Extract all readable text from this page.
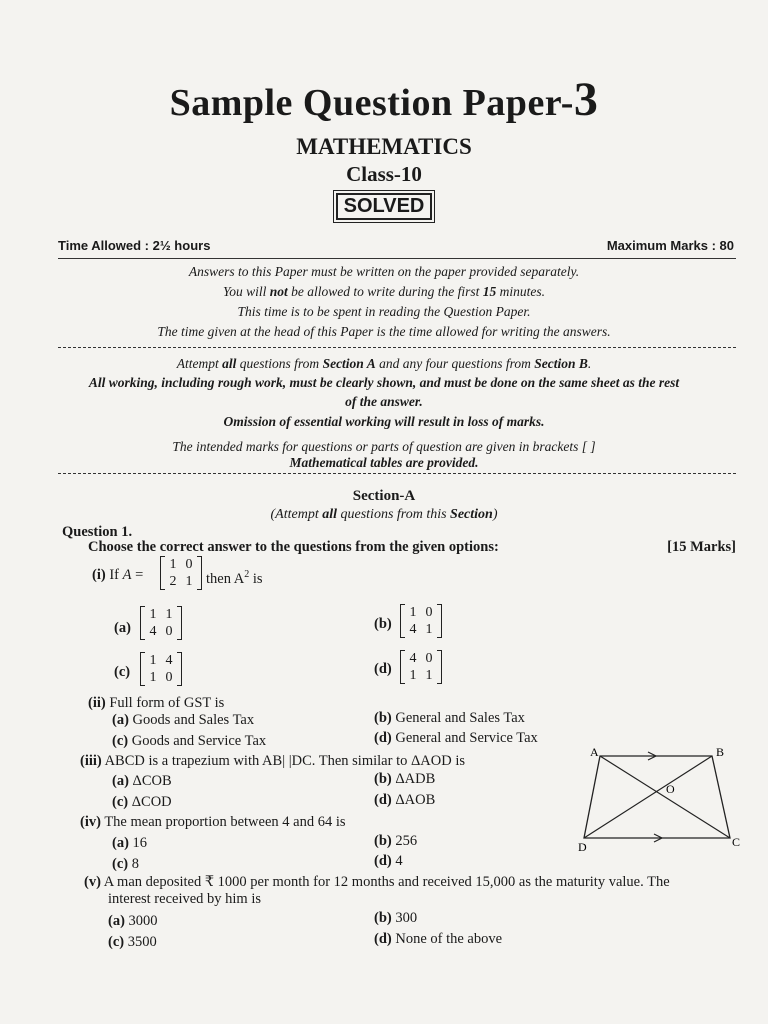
Sample Question Paper-3
MATHEMATICS
Class-10
SOLVED
Time Allowed : 2½ hours	Maximum Marks : 80
Answers to this Paper must be written on the paper provided separately.
You will not be allowed to write during the first 15 minutes.
This time is to be spent in reading the Question Paper.
The time given at the head of this Paper is the time allowed for writing the answers.
Attempt all questions from Section A and any four questions from Section B.
All working, including rough work, must be clearly shown, and must be done on the same sheet as the rest
of the answer.
Omission of essential working will result in loss of marks.
The intended marks for questions or parts of question are given in brackets [ ]
Mathematical tables are provided.
Section-A
(Attempt all questions from this Section)
Question 1.
Choose the correct answer to the questions from the given options:	[15 Marks]
(i) If A =
1	0
2	1 then $A^2$ is
(a)
1	1
4	0	(b)
1	0
4	1
(c)
1	4
1	0
(d)
4	0
1	1
(ii) Full form of GST is
(a) Goods and Sales Tax	(b) General and Sales Tax
(c) Goods and Service Tax	(d) General and Service Tax
(iii) ABCD is a trapezium with AB| |DC. Then similar to ΔAOD is
(a) ΔCOB	(b) ΔADB
(c) ΔCOD	(d) ΔAOB
A	B
C
D
O
(iv) The mean proportion between 4 and 64 is
(a) 16	(b) 256
(c) 8	(d) 4
(v) A man deposited ₹ 1000 per month for 12 months and received 15,000 as the maturity value. The
interest received by him is
(a) 3000	(b) 300
(c) 3500	(d) None of the above
